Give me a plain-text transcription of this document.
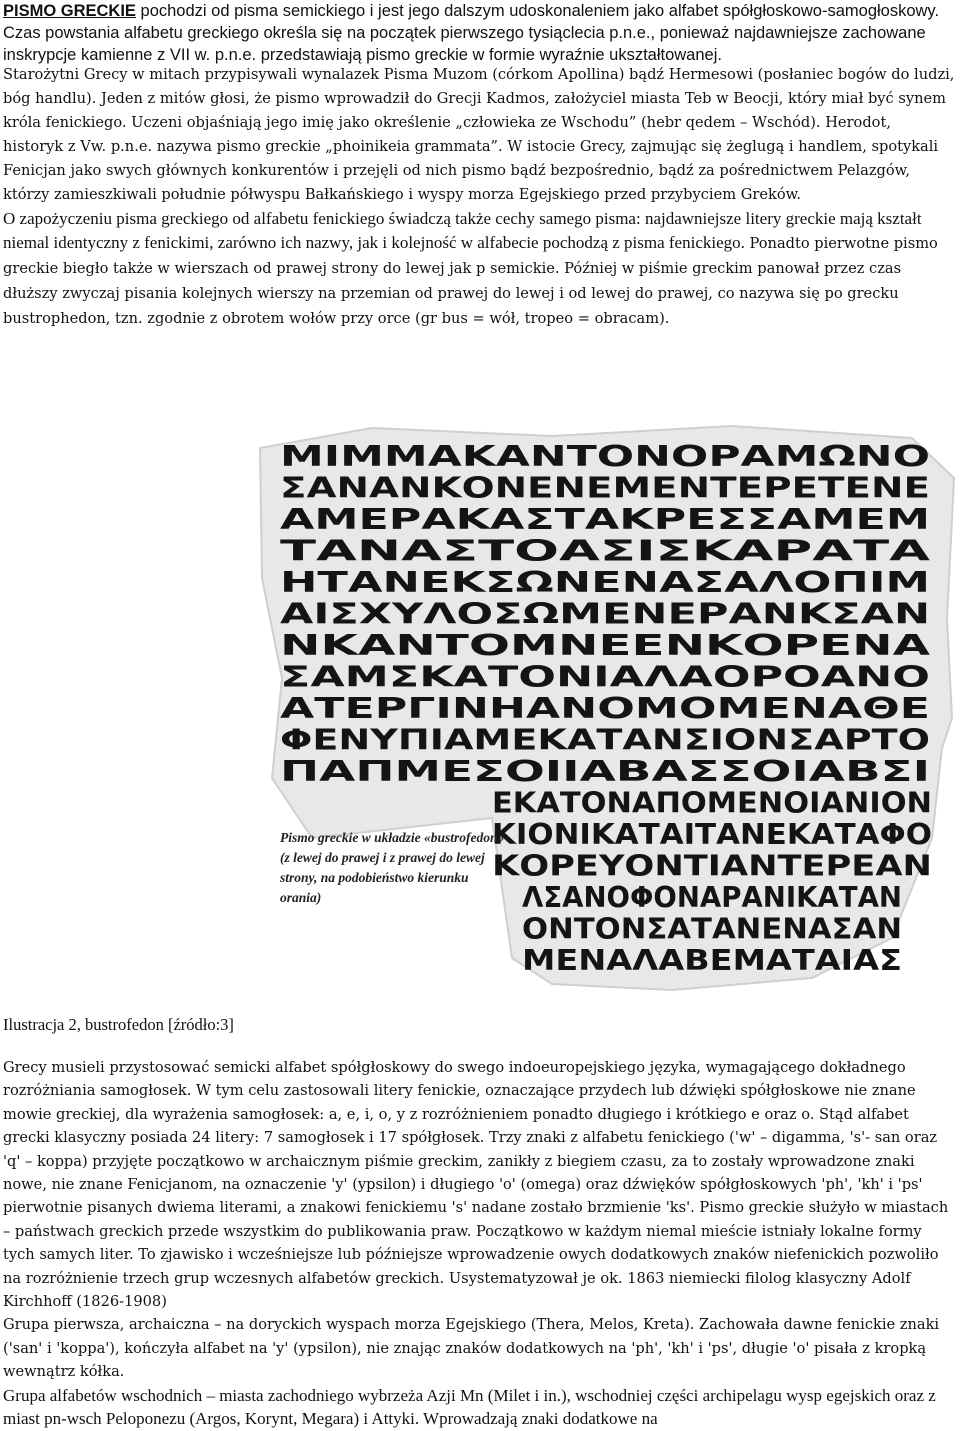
PISMO GRECKIE pochodzi od pisma semickiego i jest jego dalszym udoskonaleniem jako alfabet spółgłoskowo-samogłoskowy. Czas powstania alfabetu greckiego określa się na początek pierwszego tysiąclecia p.n.e., ponieważ najdawniejsze zachowane inskrypcje kamienne z VII w. p.n.e. przedstawiają pismo greckie w formie wyraźnie ukształtowanej.

Starożytni Grecy w mitach przypisywali wynalazek Pisma Muzom (córkom Apollina) bądź Hermesowi (posłaniec bogów do ludzi, bóg handlu). Jeden z mitów głosi, że pismo wprowadził do Grecji Kadmos, założyciel miasta Teb w Beocji, który miał być synem króla fenickiego. Uczeni objaśniają jego imię jako określenie „człowieka ze Wschodu” (hebr qedem – Wschód). Herodot, historyk z Vw. p.n.e. nazywa pismo greckie „phoinikeia grammata”. W istocie Grecy, zajmując się żeglugą i handlem, spotykali Fenicjan jako swych głównych konkurentów i przejęli od nich pismo bądź bezpośrednio, bądź za pośrednictwem Pelazgów, którzy zamieszkiwali południe półwyspu Bałkańskiego i wyspy morza Egejskiego przed przybyciem Greków.

O zapożyczeniu pisma greckiego od alfabetu fenickiego świadczą także cechy samego pisma: najdawniejsze litery greckie mają kształt niemal identyczny z fenickimi, zarówno ich nazwy, jak i kolejność w alfabecie pochodzą z pisma fenickiego. Ponadto pierwotne pismo greckie biegło także w wierszach od prawej strony do lewej jak p semickie. Później w piśmie greckim panował przez czas dłuższy zwyczaj pisania kolejnych wierszy na przemian od prawej do lewej i od lewej do prawej, co nazywa się po grecku bustrophedon, tzn. zgodnie z obrotem wołów przy orce (gr bus = wół, tropeo = obracam).

ΜΙΜΜΑΚΑΝΤΟΝΟΡΑΜΩΝΟ
ΣΑΝΑΝΚΟΝΕΝΕΜΕΝΤΕΡΕΤΕΝΕ
ΑΜΕΡΑΚΑΣΤΑΚΡΕΣΣΑΜΕΜ
ΤΑΝΑΣΤΟΑΣΙΣΚΑΡΑΤΑ
ΗΤΑΝΕΚΣΩΝΕΝΑΣΑΛΟΠΙΜ
ΑΙΣΧΥΛΟΣΩΜΕΝΕΡΑΝΚΣΑΝ
ΝΚΑΝΤΟΜΝΕΕΝΚΟΡΕΝΑ
ΣΑΜΣΚΑΤΟΝΙΑΛΑΟΡΟΑΝΟ
ΑΤΕΡΓΙΝΗΑΝΟΜΟΜΕΝΑΘΕ
ΦΕΝΥΠΙΑΜΕΚΑΤΑΝΣΙΟΝΣΑΡΤΟ
ΠΑΠΜΕΣΟΙΙΑΒΑΣΣΟΙΑΒΣΙ
ΕΚΑΤΟΝΑΠΟΜΕΝΟΙΑΝΙΟΝ
ΚΙΟΝΙΚΑΤΑΙΤΑΝΕΚΑΤΑΦΟ
ΚΟΡΕΥΟΝΤΙΑΝΤΕΡΕΑΝ
ΛΣΑΝΟΦΟΝΑΡΑΝΙΚΑΤΑΝ
ΟΝΤΟΝΣΑΤΑΝΕΝΑΣΑΝ
ΜΕΝΑΛΑΒΕΜΑΤΑΙΑΣ
Pismo greckie w układzie «bustrofedon» (z lewej do prawej i z prawej do lewej strony, na podobieństwo kierunku orania)
Ilustracja 2, bustrofedon [źródło:3]

Grecy musieli przystosować semicki alfabet spółgłoskowy do swego indoeuropejskiego języka, wymagającego dokładnego rozróżniania samogłosek. W tym celu zastosowali litery fenickie, oznaczające przydech lub dźwięki spółgłoskowe nie znane mowie greckiej, dla wyrażenia samogłosek: a, e, i, o, y z rozróżnieniem ponadto długiego i krótkiego e oraz o. Stąd alfabet grecki klasyczny posiada 24 litery: 7 samogłosek i 17 spółgłosek. Trzy znaki z alfabetu fenickiego ('w' – digamma, 's'- san oraz 'q' – koppa) przyjęte początkowo w archaicznym piśmie greckim, zanikły z biegiem czasu, za to zostały wprowadzone znaki nowe, nie znane Fenicjanom, na oznaczenie 'y' (ypsilon) i długiego 'o' (omega) oraz dźwięków spółgłoskowych 'ph', 'kh' i 'ps' pierwotnie pisanych dwiema literami, a znakowi fenickiemu 's' nadane zostało brzmienie 'ks'. Pismo greckie służyło w miastach – państwach greckich przede wszystkim do publikowania praw. Początkowo w każdym niemal mieście istniały lokalne formy tych samych liter. To zjawisko i wcześniejsze lub późniejsze wprowadzenie owych dodatkowych znaków niefenickich pozwoliło na rozróżnienie trzech grup wczesnych alfabetów greckich. Usystematyzował je ok. 1863 niemiecki filolog klasyczny Adolf Kirchhoff (1826-1908)

Grupa pierwsza, archaiczna – na doryckich wyspach morza Egejskiego (Thera, Melos, Kreta). Zachowała dawne fenickie znaki ('san' i 'koppa'), kończyła alfabet na 'y' (ypsilon), nie znając znaków dodatkowych na 'ph', 'kh' i 'ps', długie 'o' pisała z kropką wewnątrz kółka.

Grupa alfabetów wschodnich – miasta zachodniego wybrzeża Azji Mn (Milet i in.), wschodniej części archipelagu wysp egejskich oraz z miast pn-wsch Peloponezu (Argos, Korynt, Megara) i Attyki. Wprowadzają znaki dodatkowe na
